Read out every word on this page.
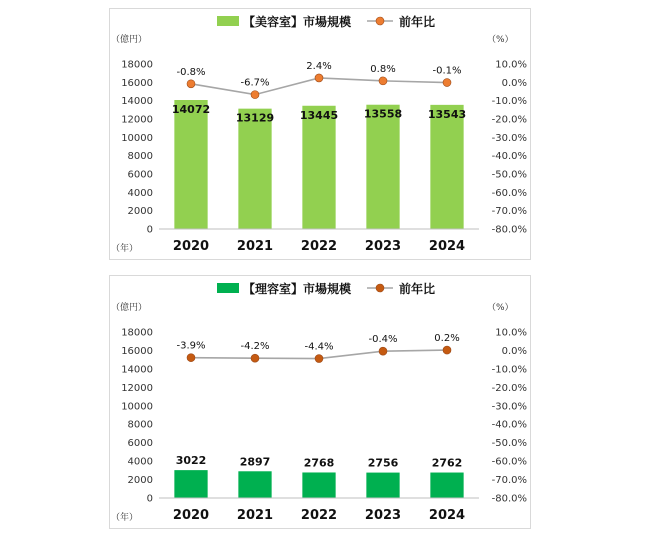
【美容室】市場規模	前年比
（億円）	（%）
（年）
0
2000
4000
6000
8000
10000
12000
14000
16000
18000
-80.0%
-70.0%
-60.0%
-50.0%
-40.0%
-30.0%
-20.0%
-10.0%
0.0%
10.0%
14072
13129 13445 13558 13543
2020 2021 2022 2023 2024
-0.8%
-6.7%
2.4%	0.8%	-0.1%
【理容室】市場規模	前年比
（億円）	（%）
（年）
0
2000
4000
6000
8000
10000
12000
14000
16000
18000
-80.0%
-70.0%
-60.0%
-50.0%
-40.0%
-30.0%
-20.0%
-10.0%
0.0%
10.0%
3022	2897	2768	2756	2762
2020 2021 2022 2023 2024
-3.9%	-4.2%	-4.4%
-0.4%	0.2%
